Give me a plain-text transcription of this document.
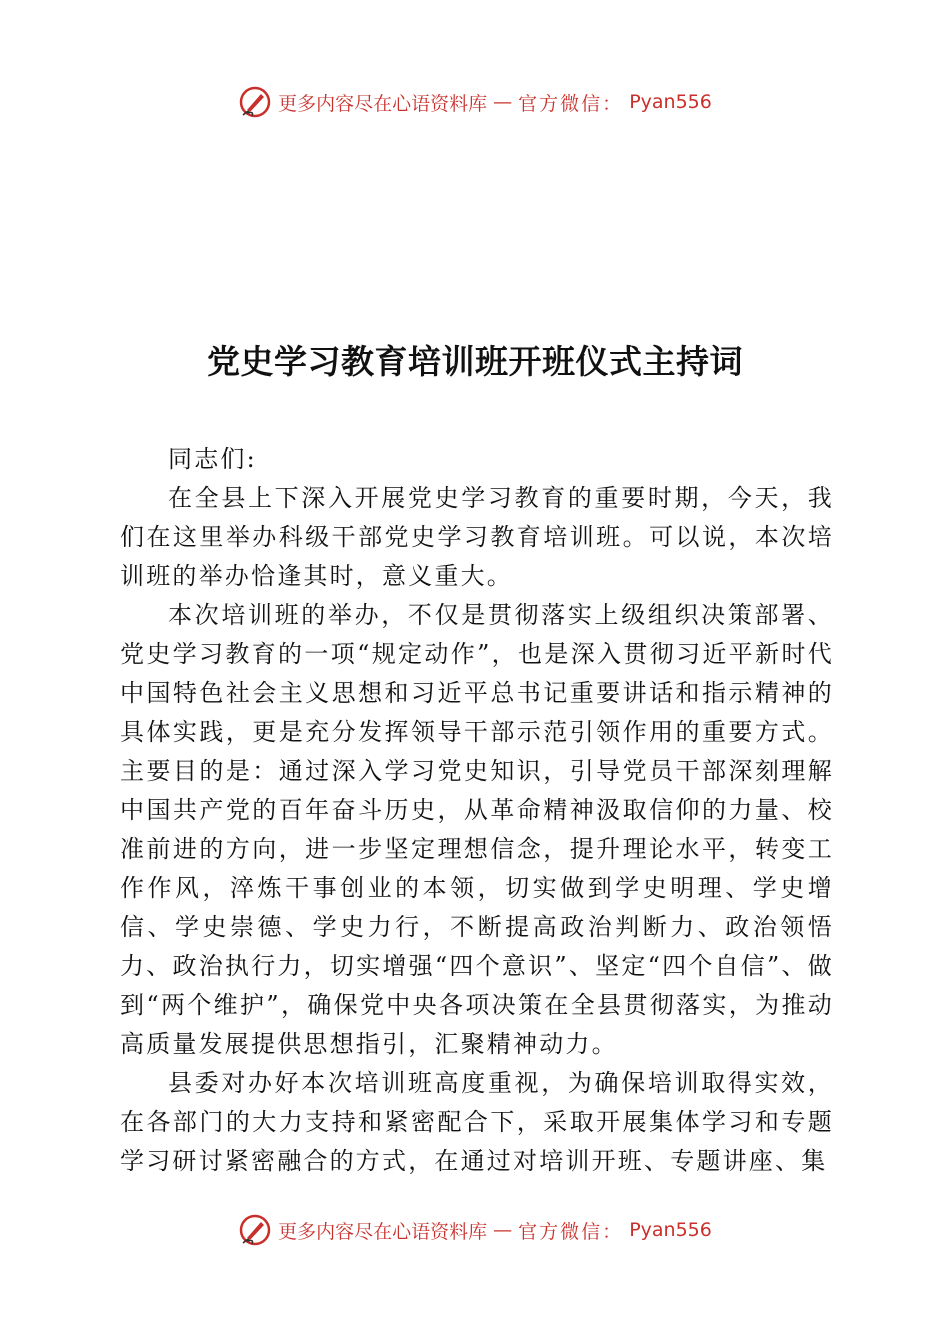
更多内容尽在心语资料库 — 官方微信： Pyan556
党史学习教育培训班开班仪式主持词

同志们:

在全县上下深入开展党史学习教育的重要时期，今天，我们在这里举办科级干部党史学习教育培训班。可以说，本次培训班的举办恰逢其时，意义重大。

本次培训班的举办，不仅是贯彻落实上级组织决策部署、党史学习教育的一项“规定动作”，也是深入贯彻习近平新时代中国特色社会主义思想和习近平总书记重要讲话和指示精神的具体实践，更是充分发挥领导干部示范引领作用的重要方式。主要目的是：通过深入学习党史知识，引导党员干部深刻理解中国共产党的百年奋斗历史，从革命精神汲取信仰的力量、校准前进的方向，进一步坚定理想信念，提升理论水平，转变工作作风，淬炼干事创业的本领，切实做到学史明理、学史增信、学史崇德、学史力行，不断提高政治判断力、政治领悟力、政治执行力，切实增强“四个意识”、坚定“四个自信”、做到“两个维护”，确保党中央各项决策在全县贯彻落实，为推动高质量发展提供思想指引，汇聚精神动力。

县委对办好本次培训班高度重视，为确保培训取得实效，在各部门的大力支持和紧密配合下，采取开展集体学习和专题学习研讨紧密融合的方式，在通过对培训开班、专题讲座、集

更多内容尽在心语资料库 — 官方微信： Pyan556
